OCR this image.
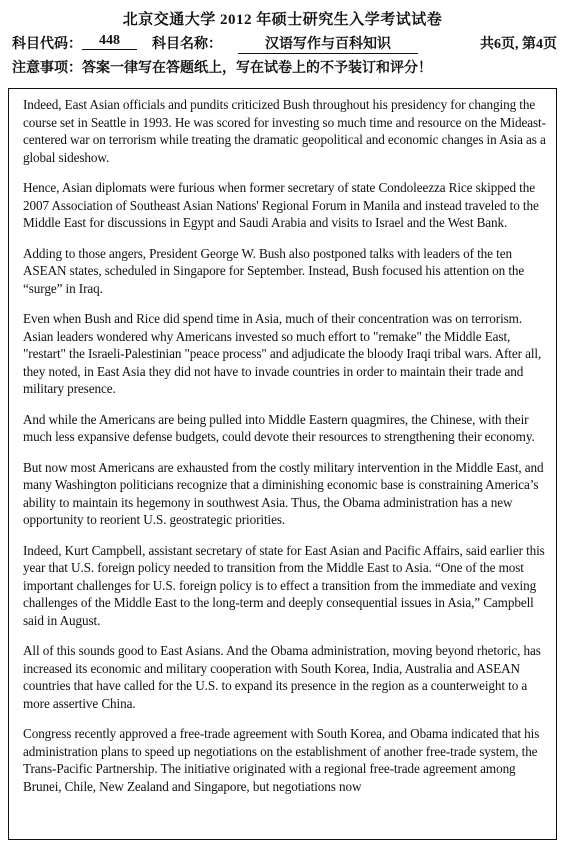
北京交通大学 2012 年硕士研究生入学考试试卷
科目代码：	448	科目名称：	汉语写作与百科知识	共6页, 第4页
注意事项：答案一律写在答题纸上，写在试卷上的不予装订和评分！

Indeed, East Asian officials and pundits criticized Bush throughout his presidency for changing the course set in Seattle in 1993. He was scored for investing so much time and resource on the Mideast-centered war on terrorism while treating the dramatic geopolitical and economic changes in Asia as a global sideshow.

Hence, Asian diplomats were furious when former secretary of state Condoleezza Rice skipped the 2007 Association of Southeast Asian Nations' Regional Forum in Manila and instead traveled to the Middle East for discussions in Egypt and Saudi Arabia and visits to Israel and the West Bank.

Adding to those angers, President George W. Bush also postponed talks with leaders of the ten ASEAN states, scheduled in Singapore for September. Instead, Bush focused his attention on the “surge” in Iraq.

Even when Bush and Rice did spend time in Asia, much of their concentration was on terrorism. Asian leaders wondered why Americans invested so much effort to "remake" the Middle East, "restart" the Israeli-Palestinian "peace process" and adjudicate the bloody Iraqi tribal wars. After all, they noted, in East Asia they did not have to invade countries in order to maintain their trade and military presence.

And while the Americans are being pulled into Middle Eastern quagmires, the Chinese, with their much less expansive defense budgets, could devote their resources to strengthening their economy.

But now most Americans are exhausted from the costly military intervention in the Middle East, and many Washington politicians recognize that a diminishing economic base is constraining America’s ability to maintain its hegemony in southwest Asia. Thus, the Obama administration has a new opportunity to reorient U.S. geostrategic priorities.

Indeed, Kurt Campbell, assistant secretary of state for East Asian and Pacific Affairs, said earlier this year that U.S. foreign policy needed to transition from the Middle East to Asia. “One of the most important challenges for U.S. foreign policy is to effect a transition from the immediate and vexing challenges of the Middle East to the long-term and deeply consequential issues in Asia,” Campbell said in August.

All of this sounds good to East Asians. And the Obama administration, moving beyond rhetoric, has increased its economic and military cooperation with South Korea, India, Australia and ASEAN countries that have called for the U.S. to expand its presence in the region as a counterweight to a more assertive China.

Congress recently approved a free-trade agreement with South Korea, and Obama indicated that his administration plans to speed up negotiations on the establishment of another free-trade system, the Trans-Pacific Partnership. The initiative originated with a regional free-trade agreement among Brunei, Chile, New Zealand and Singapore, but negotiations now
